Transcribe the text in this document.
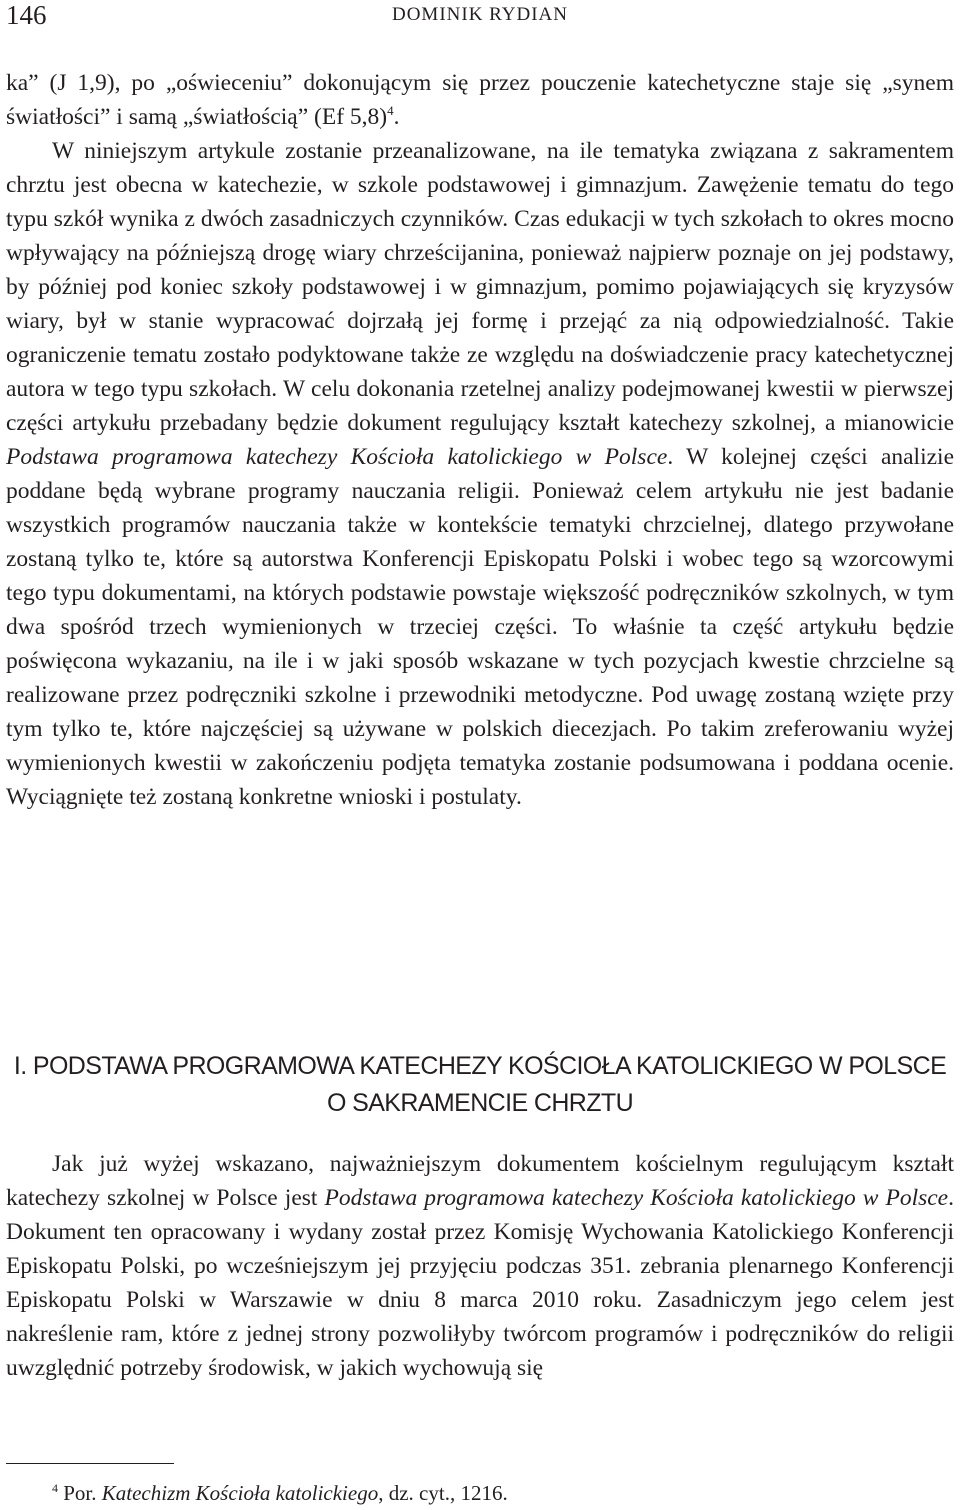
146	DOMINIK RYDIAN

ka” (J 1,9), po „oświeceniu” dokonującym się przez pouczenie katechetyczne staje się „synem światłości” i samą „światłością” (Ef 5,8)$^4$.

W niniejszym artykule zostanie przeanalizowane, na ile tematyka związana z sakramentem chrztu jest obecna w katechezie, w szkole podstawowej i gimnazjum. Zawężenie tematu do tego typu szkół wynika z dwóch zasadniczych czynników. Czas edukacji w tych szkołach to okres mocno wpływający na późniejszą drogę wiary chrześcijanina, ponieważ najpierw poznaje on jej podstawy, by później pod koniec szkoły podstawowej i w gimnazjum, pomimo pojawiających się kryzysów wiary, był w stanie wypracować dojrzałą jej formę i przejąć za nią odpowiedzialność. Takie ograniczenie tematu zostało podyktowane także ze względu na doświadczenie pracy katechetycznej autora w tego typu szkołach. W celu dokonania rzetelnej analizy podejmowanej kwestii w pierwszej części artykułu przebadany będzie dokument regulujący kształt katechezy szkolnej, a mianowicie Podstawa programowa katechezy Kościoła katolickiego w Polsce. W kolejnej części analizie poddane będą wybrane programy nauczania religii. Ponieważ celem artykułu nie jest badanie wszystkich programów nauczania także w kontekście tematyki chrzcielnej, dlatego przywołane zostaną tylko te, które są autorstwa Konferencji Episkopatu Polski i wobec tego są wzorcowymi tego typu dokumentami, na których podstawie powstaje większość podręczników szkolnych, w tym dwa spośród trzech wymienionych w trzeciej części. To właśnie ta część artykułu będzie poświęcona wykazaniu, na ile i w jaki sposób wskazane w tych pozycjach kwestie chrzcielne są realizowane przez podręczniki szkolne i przewodniki metodyczne. Pod uwagę zostaną wzięte przy tym tylko te, które najczęściej są używane w polskich diecezjach. Po takim zreferowaniu wyżej wymienionych kwestii w zakończeniu podjęta tematyka zostanie podsumowana i poddana ocenie. Wyciągnięte też zostaną konkretne wnioski i postulaty.

I. PODSTAWA PROGRAMOWA KATECHEZY KOŚCIOŁA KATOLICKIEGO W POLSCE
O SAKRAMENCIE CHRZTU

Jak już wyżej wskazano, najważniejszym dokumentem kościelnym regulującym kształt katechezy szkolnej w Polsce jest Podstawa programowa katechezy Kościoła katolickiego w Polsce. Dokument ten opracowany i wydany został przez Komisję Wychowania Katolickiego Konferencji Episkopatu Polski, po wcześniejszym jej przyjęciu podczas 351. zebrania plenarnego Konferencji Episkopatu Polski w Warszawie w dniu 8 marca 2010 roku. Zasadniczym jego celem jest nakreślenie ram, które z jednej strony pozwoliłyby twórcom programów i podręczników do religii uwzględnić potrzeby środowisk, w jakich wychowują się

$^4$ Por. Katechizm Kościoła katolickiego, dz. cyt., 1216.
